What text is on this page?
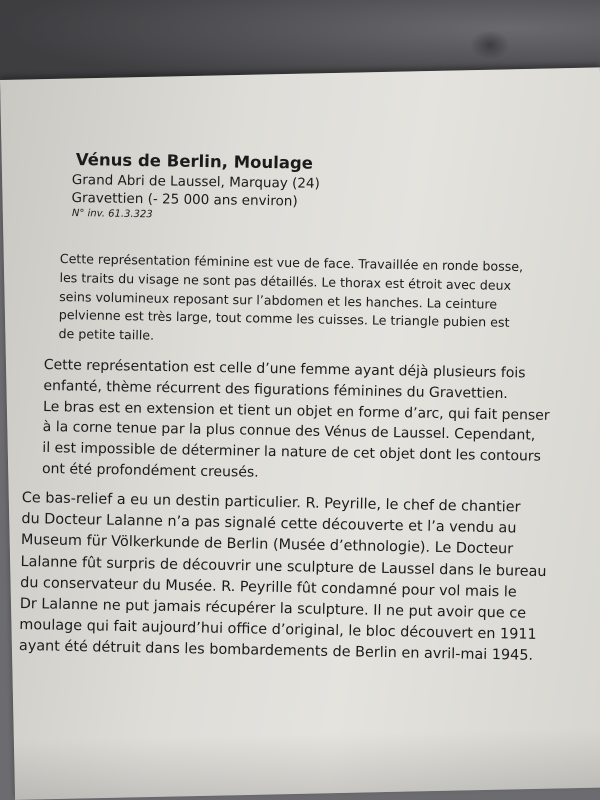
Vénus de Berlin, Moulage
Grand Abri de Laussel, Marquay (24)
Gravettien (- 25 000 ans environ)
N° inv. 61.3.323
Cette représentation féminine est vue de face. Travaillée en ronde bosse,
les traits du visage ne sont pas détaillés. Le thorax est étroit avec deux
seins volumineux reposant sur l’abdomen et les hanches. La ceinture
pelvienne est très large, tout comme les cuisses. Le triangle pubien est
de petite taille.
Cette représentation est celle d’une femme ayant déjà plusieurs fois
enfanté, thème récurrent des figurations féminines du Gravettien.
Le bras est en extension et tient un objet en forme d’arc, qui fait penser
à la corne tenue par la plus connue des Vénus de Laussel. Cependant,
il est impossible de déterminer la nature de cet objet dont les contours
ont été profondément creusés.
Ce bas-relief a eu un destin particulier. R. Peyrille, le chef de chantier
du Docteur Lalanne n’a pas signalé cette découverte et l’a vendu au
Museum für Völkerkunde de Berlin (Musée d’ethnologie). Le Docteur
Lalanne fût surpris de découvrir une sculpture de Laussel dans le bureau
du conservateur du Musée. R. Peyrille fût condamné pour vol mais le
Dr Lalanne ne put jamais récupérer la sculpture. Il ne put avoir que ce
moulage qui fait aujourd’hui office d’original, le bloc découvert en 1911
ayant été détruit dans les bombardements de Berlin en avril-mai 1945.
